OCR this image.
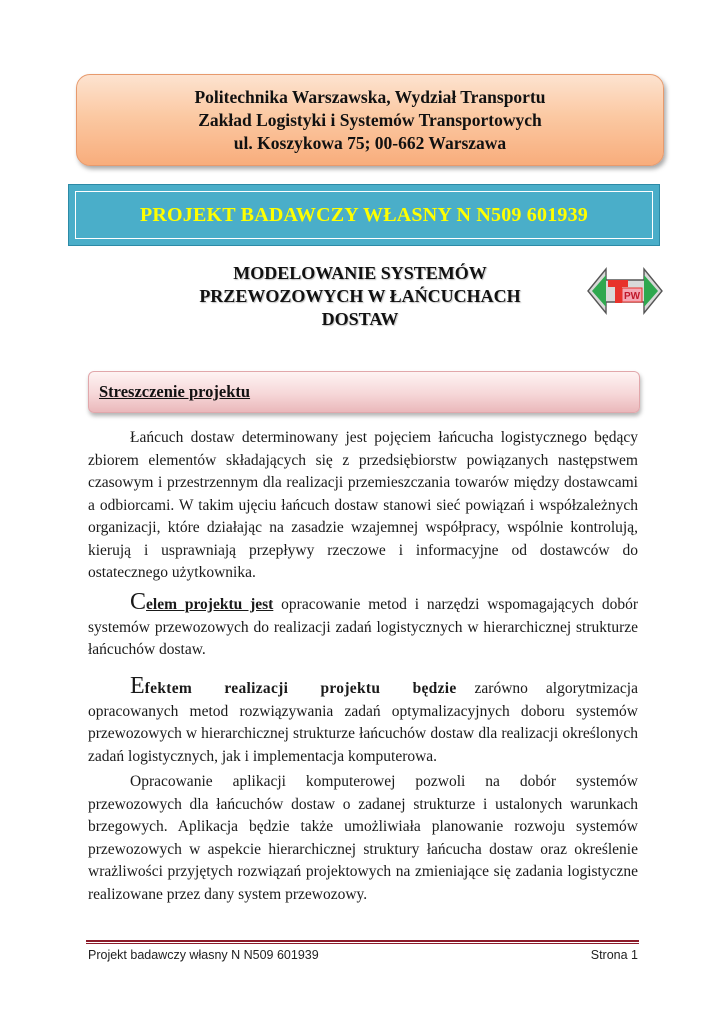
Politechnika Warszawska, Wydział Transportu
Zakład Logistyki i Systemów Transportowych
ul. Koszykowa 75; 00-662 Warszawa
PROJEKT BADAWCZY WŁASNY N N509 601939
MODELOWANIE SYSTEMÓW
PRZEWOZOWYCH W ŁAŃCUCHACH
DOSTAW
PW
Streszczenie projektu
Łańcuch dostaw determinowany jest pojęciem łańcucha logistycznego będący zbiorem elementów składających się z przedsiębiorstw powiązanych następstwem czasowym i przestrzennym dla realizacji przemieszczania towarów między dostawcami a odbiorcami. W takim ujęciu łańcuch dostaw stanowi sieć powiązań i współzależnych organizacji, które działając na zasadzie wzajemnej współpracy, wspólnie kontrolują, kierują i usprawniają przepływy rzeczowe i informacyjne od dostawców do ostatecznego użytkownika.
Celem projektu jest opracowanie metod i narzędzi wspomagających dobór systemów przewozowych do realizacji zadań logistycznych w hierarchicznej strukturze łańcuchów dostaw.
Efektem realizacji projektu będzie zarówno algorytmizacja opracowanych metod rozwiązywania zadań optymalizacyjnych doboru systemów przewozowych w hierarchicznej strukturze łańcuchów dostaw dla realizacji określonych zadań logistycznych, jak i implementacja komputerowa.
Opracowanie aplikacji komputerowej pozwoli na dobór systemów przewozowych dla łańcuchów dostaw o zadanej strukturze i ustalonych warunkach brzegowych. Aplikacja będzie także umożliwiała planowanie rozwoju systemów przewozowych w aspekcie hierarchicznej struktury łańcucha dostaw oraz określenie wrażliwości przyjętych rozwiązań projektowych na zmieniające się zadania logistyczne realizowane przez dany system przewozowy.
Projekt badawczy własny N N509 601939	Strona 1
